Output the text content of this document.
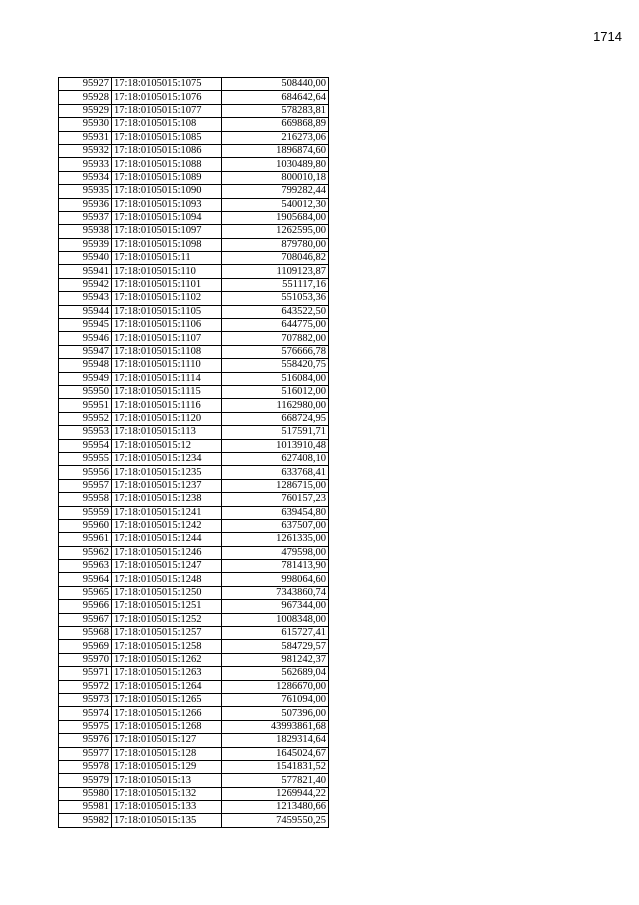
1714
95927	17:18:0105015:1075	508440,00
95928	17:18:0105015:1076	684642,64
95929	17:18:0105015:1077	578283,81
95930	17:18:0105015:108	669868,89
95931	17:18:0105015:1085	216273,06
95932	17:18:0105015:1086	1896874,60
95933	17:18:0105015:1088	1030489,80
95934	17:18:0105015:1089	800010,18
95935	17:18:0105015:1090	799282,44
95936	17:18:0105015:1093	540012,30
95937	17:18:0105015:1094	1905684,00
95938	17:18:0105015:1097	1262595,00
95939	17:18:0105015:1098	879780,00
95940	17:18:0105015:11	708046,82
95941	17:18:0105015:110	1109123,87
95942	17:18:0105015:1101	551117,16
95943	17:18:0105015:1102	551053,36
95944	17:18:0105015:1105	643522,50
95945	17:18:0105015:1106	644775,00
95946	17:18:0105015:1107	707882,00
95947	17:18:0105015:1108	576666,78
95948	17:18:0105015:1110	558420,75
95949	17:18:0105015:1114	516084,00
95950	17:18:0105015:1115	516012,00
95951	17:18:0105015:1116	1162980,00
95952	17:18:0105015:1120	668724,95
95953	17:18:0105015:113	517591,71
95954	17:18:0105015:12	1013910,48
95955	17:18:0105015:1234	627408,10
95956	17:18:0105015:1235	633768,41
95957	17:18:0105015:1237	1286715,00
95958	17:18:0105015:1238	760157,23
95959	17:18:0105015:1241	639454,80
95960	17:18:0105015:1242	637507,00
95961	17:18:0105015:1244	1261335,00
95962	17:18:0105015:1246	479598,00
95963	17:18:0105015:1247	781413,90
95964	17:18:0105015:1248	998064,60
95965	17:18:0105015:1250	7343860,74
95966	17:18:0105015:1251	967344,00
95967	17:18:0105015:1252	1008348,00
95968	17:18:0105015:1257	615727,41
95969	17:18:0105015:1258	584729,57
95970	17:18:0105015:1262	981242,37
95971	17:18:0105015:1263	562689,04
95972	17:18:0105015:1264	1286670,00
95973	17:18:0105015:1265	761094,00
95974	17:18:0105015:1266	507396,00
95975	17:18:0105015:1268	43993861,68
95976	17:18:0105015:127	1829314,64
95977	17:18:0105015:128	1645024,67
95978	17:18:0105015:129	1541831,52
95979	17:18:0105015:13	577821,40
95980	17:18:0105015:132	1269944,22
95981	17:18:0105015:133	1213480,66
95982	17:18:0105015:135	7459550,25
